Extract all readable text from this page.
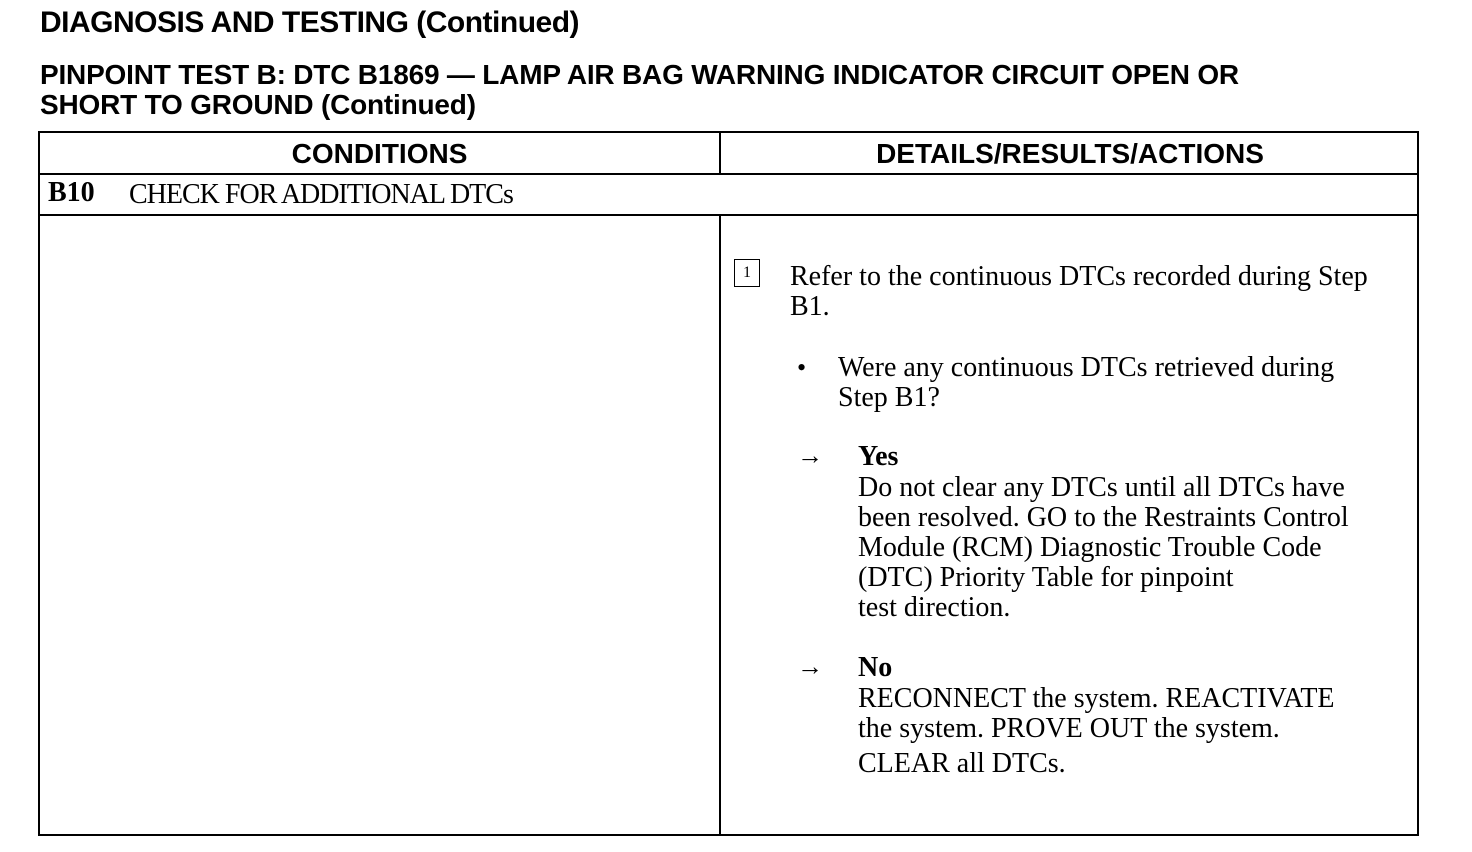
DIAGNOSIS AND TESTING (Continued)
PINPOINT TEST B: DTC B1869 — LAMP AIR BAG WARNING INDICATOR CIRCUIT OPEN OR
SHORT TO GROUND (Continued)
CONDITIONS	DETAILS/RESULTS/ACTIONS
B10 CHECK FOR ADDITIONAL DTCs
1	Refer to the continuous DTCs recorded during Step
B1.
• Were any continuous DTCs retrieved during
Step B1?
→ Yes
Do not clear any DTCs until all DTCs have
been resolved. GO to the Restraints Control
Module (RCM) Diagnostic Trouble Code
(DTC) Priority Table for pinpoint
test direction.
→ No
RECONNECT the system. REACTIVATE
the system. PROVE OUT the system.
CLEAR all DTCs.
